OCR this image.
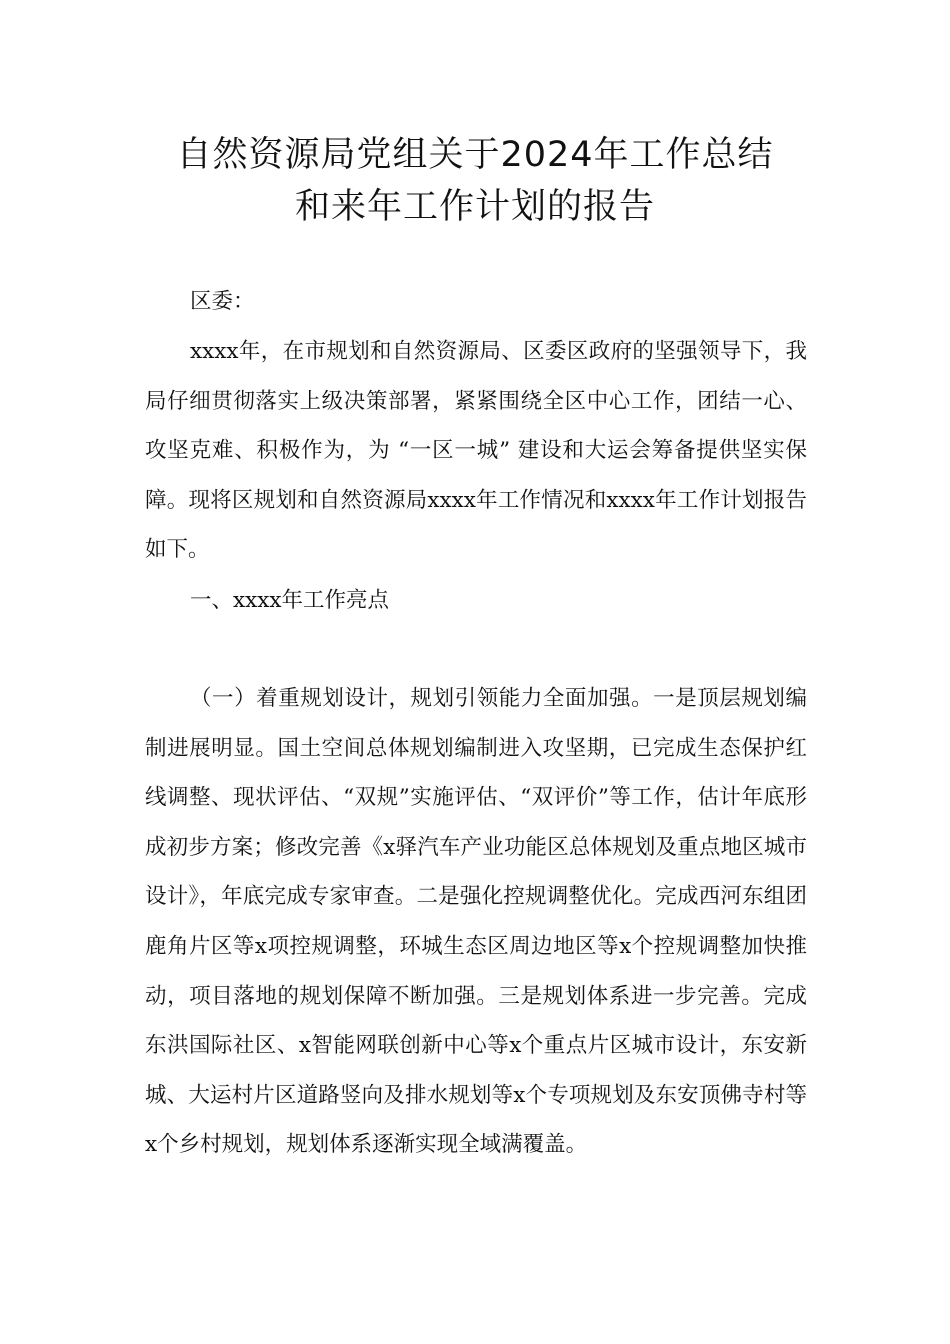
自然资源局党组关于2024年工作总结
和来年工作计划的报告

区委：

xxxx年，在市规划和自然资源局、区委区政府的坚强领导下，我局仔细贯彻落实上级决策部署，紧紧围绕全区中心工作，团结一心、攻坚克难、积极作为，为 “一区一城” 建设和大运会筹备提供坚实保障。现将区规划和自然资源局xxxx年工作情况和xxxx年工作计划报告如下。

一、xxxx年工作亮点

（一）着重规划设计，规划引领能力全面加强。一是顶层规划编制进展明显。国土空间总体规划编制进入攻坚期，已完成生态保护红线调整、现状评估、“双规”实施评估、“双评价”等工作，估计年底形成初步方案；修改完善《x驿汽车产业功能区总体规划及重点地区城市设计》，年底完成专家审查。二是强化控规调整优化。完成西河东组团鹿角片区等x项控规调整，环城生态区周边地区等x个控规调整加快推动，项目落地的规划保障不断加强。三是规划体系进一步完善。完成东洪国际社区、x智能网联创新中心等x个重点片区城市设计，东安新城、大运村片区道路竖向及排水规划等x个专项规划及东安顶佛寺村等x个乡村规划，规划体系逐渐实现全域满覆盖。
